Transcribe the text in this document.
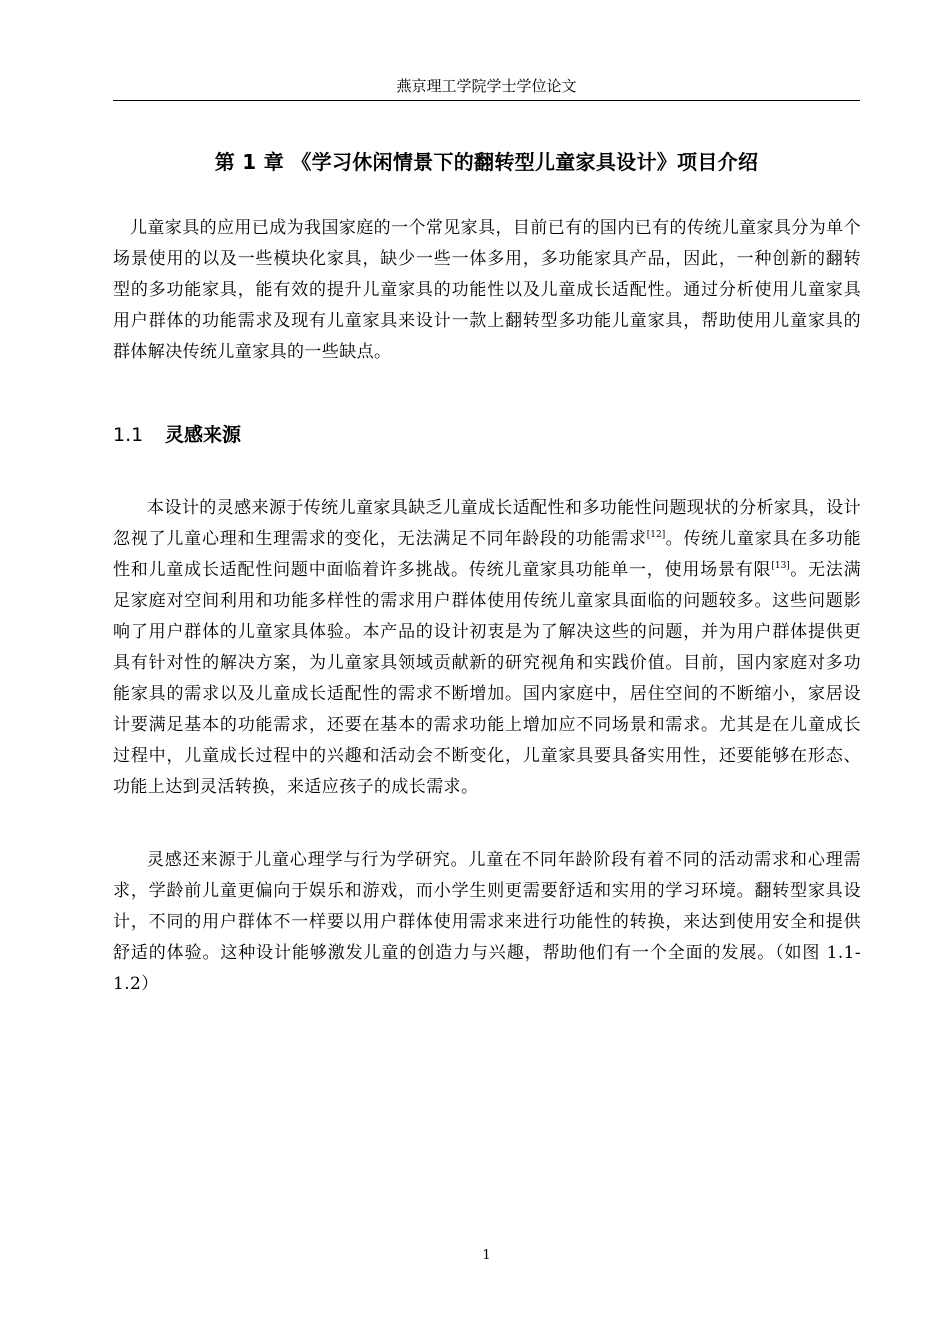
燕京理工学院学士学位论文
第 1 章 《学习休闲情景下的翻转型儿童家具设计》项目介绍

儿童家具的应用已成为我国家庭的一个常见家具，目前已有的国内已有的传统儿童家具分为单个场景使用的以及一些模块化家具，缺少一些一体多用，多功能家具产品，因此，一种创新的翻转型的多功能家具，能有效的提升儿童家具的功能性以及儿童成长适配性。通过分析使用儿童家具用户群体的功能需求及现有儿童家具来设计一款上翻转型多功能儿童家具，帮助使用儿童家具的群体解决传统儿童家具的一些缺点。

1.1 灵感来源

本设计的灵感来源于传统儿童家具缺乏儿童成长适配性和多功能性问题现状的分析家具，设计忽视了儿童心理和生理需求的变化，无法满足不同年龄段的功能需求[12]。传统儿童家具在多功能性和儿童成长适配性问题中面临着许多挑战。传统儿童家具功能单一，使用场景有限[13]。无法满足家庭对空间利用和功能多样性的需求用户群体使用传统儿童家具面临的问题较多。这些问题影响了用户群体的儿童家具体验。本产品的设计初衷是为了解决这些的问题，并为用户群体提供更具有针对性的解决方案，为儿童家具领域贡献新的研究视角和实践价值。目前，国内家庭对多功能家具的需求以及儿童成长适配性的需求不断增加。国内家庭中，居住空间的不断缩小，家居设计要满足基本的功能需求，还要在基本的需求功能上增加应不同场景和需求。尤其是在儿童成长过程中，儿童成长过程中的兴趣和活动会不断变化，儿童家具要具备实用性，还要能够在形态、功能上达到灵活转换，来适应孩子的成长需求。

灵感还来源于儿童心理学与行为学研究。儿童在不同年龄阶段有着不同的活动需求和心理需求，学龄前儿童更偏向于娱乐和游戏，而小学生则更需要舒适和实用的学习环境。翻转型家具设计，不同的用户群体不一样要以用户群体使用需求来进行功能性的转换，来达到使用安全和提供舒适的体验。这种设计能够激发儿童的创造力与兴趣，帮助他们有一个全面的发展。（如图 1.1-1.2）

1
